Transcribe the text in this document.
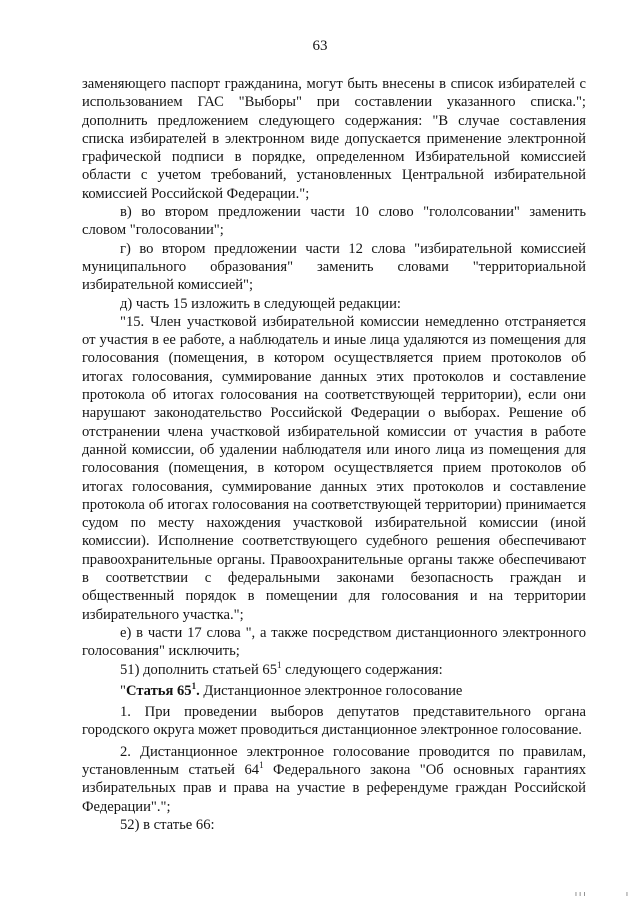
63

заменяющего паспорт гражданина, могут быть внесены в список избирателей с использованием ГАС "Выборы" при составлении указанного списка."; дополнить предложением следующего содержания: "В случае составления списка избирателей в электронном виде допускается применение электронной графической подписи в порядке, определенном Избирательной комиссией области с учетом требований, установленных Центральной избирательной комиссией Российской Федерации.";

в) во втором предложении части 10 слово "гололсовании" заменить словом "голосовании";

г) во втором предложении части 12 слова "избирательной комиссией муниципального образования" заменить словами "территориальной избирательной комиссией";

д) часть 15 изложить в следующей редакции:

"15. Член участковой избирательной комиссии немедленно отстраняется от участия в ее работе, а наблюдатель и иные лица удаляются из помещения для голосования (помещения, в котором осуществляется прием протоколов об итогах голосования, суммирование данных этих протоколов и составление протокола об итогах голосования на соответствующей территории), если они нарушают законодательство Российской Федерации о выборах. Решение об отстранении члена участковой избирательной комиссии от участия в работе данной комиссии, об удалении наблюдателя или иного лица из помещения для голосования (помещения, в котором осуществляется прием протоколов об итогах голосования, суммирование данных этих протоколов и составление протокола об итогах голосования на соответствующей территории) принимается судом по месту нахождения участковой избирательной комиссии (иной комиссии). Исполнение соответствующего судебного решения обеспечивают правоохранительные органы. Правоохранительные органы также обеспечивают в соответствии с федеральными законами безопасность граждан и общественный порядок в помещении для голосования и на территории избирательного участка.";

е) в части 17 слова ", а также посредством дистанционного электронного голосования" исключить;

51) дополнить статьей $65^1$ следующего содержания:

"Статья $65^1$. Дистанционное электронное голосование

1. При проведении выборов депутатов представительного органа городского округа может проводиться дистанционное электронное голосование.

2. Дистанционное электронное голосование проводится по правилам, установленным статьей $64^1$ Федерального закона "Об основных гарантиях избирательных прав и права на участие в референдуме граждан Российской Федерации".";

52) в статье 66:

ı ı ı	ı
